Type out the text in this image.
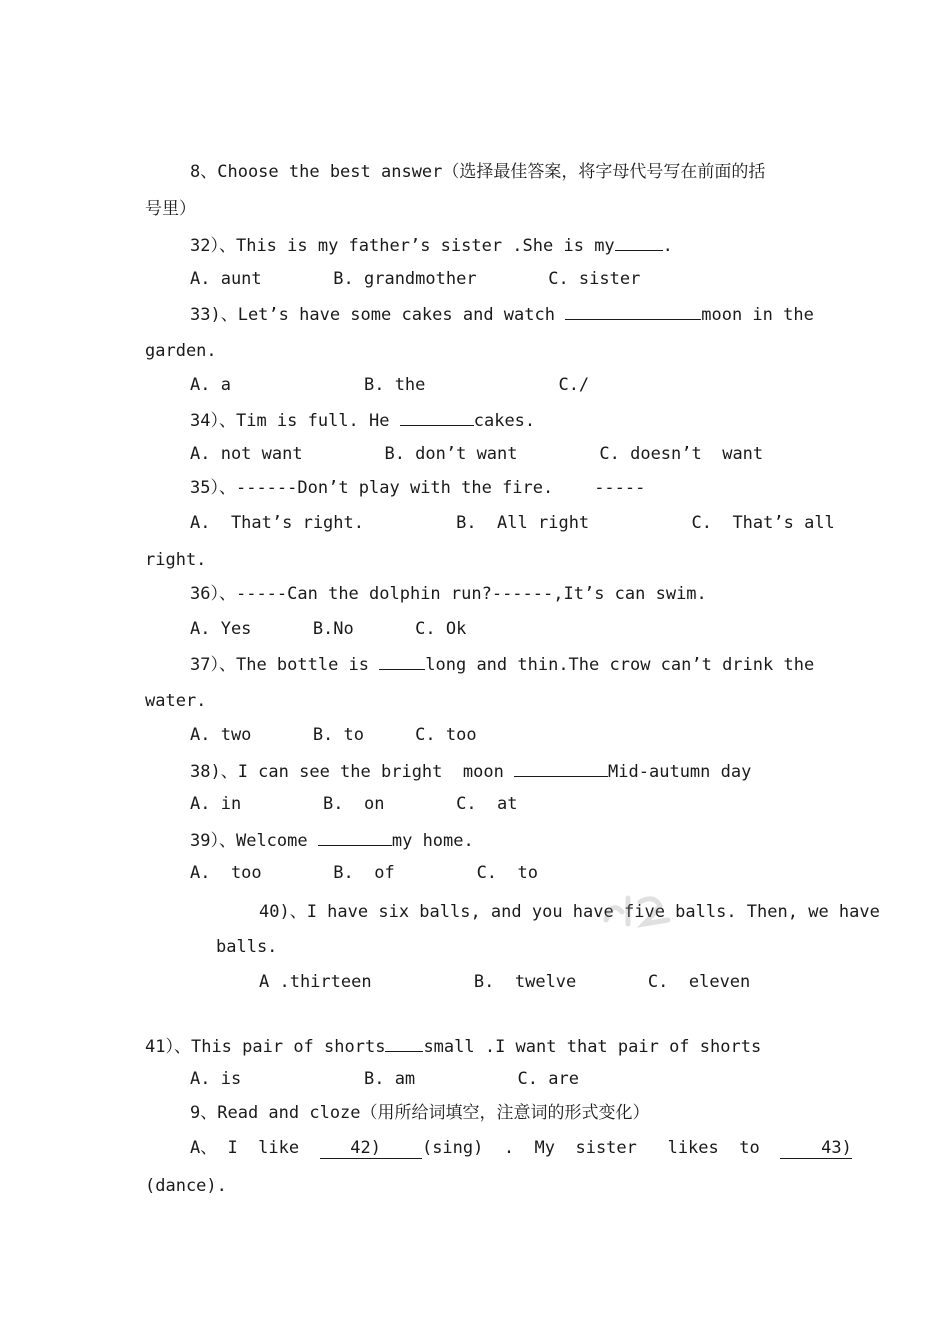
8、Choose the best answer（选择最佳答案，将字母代号写在前面的括
号里）
32）、This is my father’s sister .She is my	.
A. aunt       B. grandmother       C. sister
33)、Let’s have some cakes and watch	moon in the
garden.
A. a             B. the             C./
34）、Tim is full. He	cakes.
A. not want        B. don’t want        C. doesn’t  want
35）、------Don’t play with the fire.    -----
A.  That’s right.         B.  All right          C.  That’s all
right.
36）、-----Can the dolphin run?------,It’s can swim.
A. Yes      B.No      C. Ok
37）、The bottle is	long and thin.The crow can’t drink the
water.
A. two      B. to     C. too
38)、I can see the bright  moon	Mid-autumn day
A. in        B.  on       C.  at
39）、Welcome	my home.
A.  too       B.  of        C.  to
40)、I have six balls, and you have five balls. Then, we have
balls.
A .thirteen          B.  twelve       C.  eleven
41）、This pair of shorts small .I want that pair of shorts
A. is            B. am          C. are
9、Read and cloze（用所给词填空，注意词的形式变化）
A、 I  like     42)    (sing)  .  My  sister   likes  to      43)
(dance).
